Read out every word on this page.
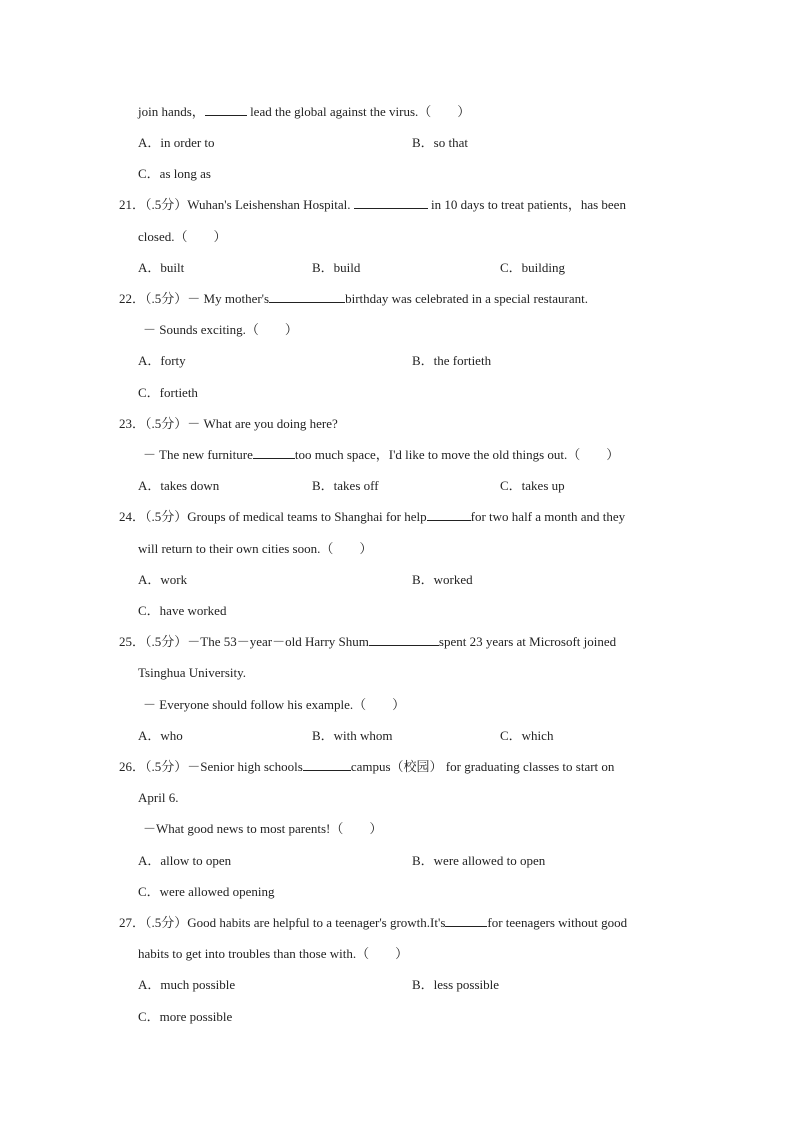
join hands，	lead the global against the virus.（　　）
A．in order to	B．so that
C．as long as
21．（.5分）Wuhan's Leishenshan Hospital.	in 10 days to treat patients，has been
closed.（　　）
A．built	B．build	C．building
22．（.5分）－ My mother's	birthday was celebrated in a special restaurant.
－ Sounds exciting.（　　）
A．forty	B．the fortieth
C．fortieth
23．（.5分）－ What are you doing here?
－ The new furniture	too much space，I'd like to move the old things out.（　　）
A．takes down	B．takes off	C．takes up
24．（.5分）Groups of medical teams to Shanghai for help	for two half a month and they
will return to their own cities soon.（　　）
A．work	B．worked
C．have worked
25．（.5分）－The 53－year－old Harry Shum	spent 23 years at Microsoft joined
Tsinghua University.
－ Everyone should follow his example.（　　）
A．who	B．with whom	C．which
26．（.5分）－Senior high schools	campus（校园） for graduating classes to start on
April 6.
－What good news to most parents!（　　）
A．allow to open	B．were allowed to open
C．were allowed opening
27．（.5分）Good habits are helpful to a teenager's growth.It's	for teenagers without good
habits to get into troubles than those with.（　　）
A．much possible	B．less possible
C．more possible
